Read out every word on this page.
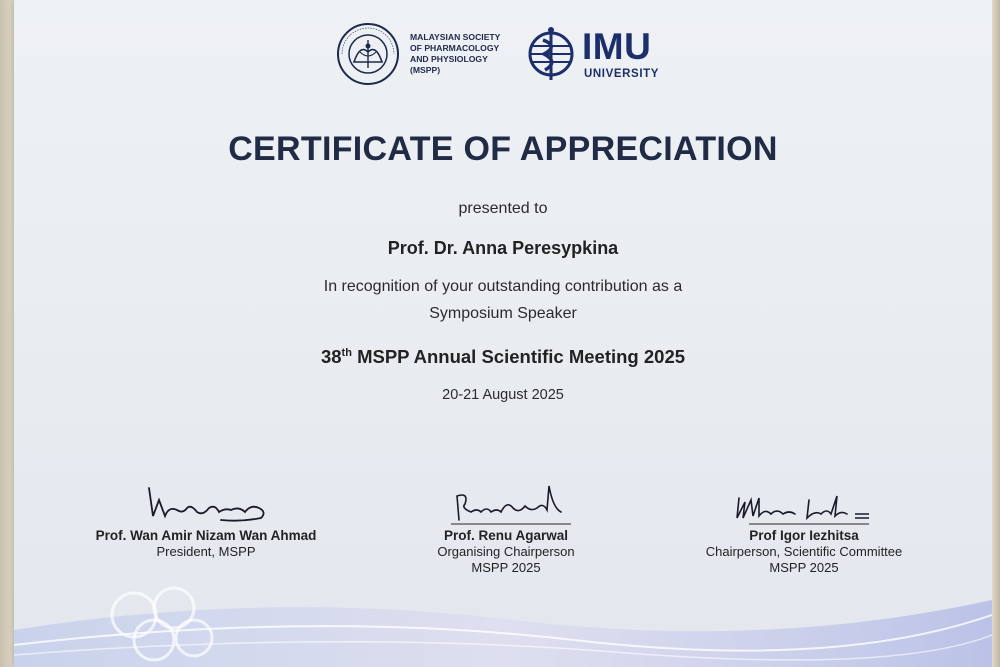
MALAYSIAN SOCIETY
OF PHARMACOLOGY
AND PHYSIOLOGY
(MSPP)
IMU
UNIVERSITY
CERTIFICATE OF APPRECIATION
presented to
Prof. Dr. Anna Peresypkina
In recognition of your outstanding contribution as a
Symposium Speaker
38th MSPP Annual Scientific Meeting 2025
20-21 August 2025
Prof. Wan Amir Nizam Wan Ahmad
President, MSPP
Prof. Renu Agarwal
Organising Chairperson
MSPP 2025
Prof Igor Iezhitsa
Chairperson, Scientific Committee
MSPP 2025
